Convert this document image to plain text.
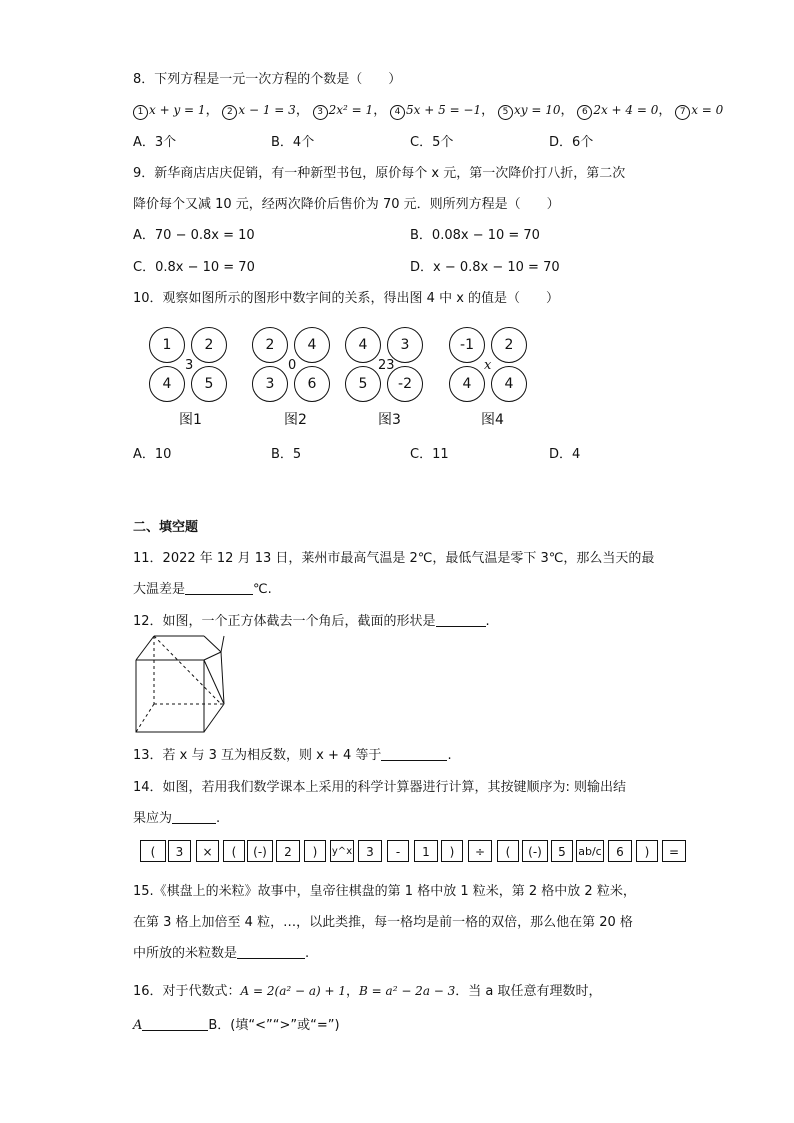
8．下列方程是一元一次方程的个数是（　　）
1 x + y = 1， 2 x − 1 = 3， 3 2x² = 1， 4 5x + 5 = −1， 5 xy = 10， 6 2x + 4 = 0， 7 x = 0
A．3个	B．4个	C．5个	D．6个
9．新华商店店庆促销，有一种新型书包，原价每个 x 元，第一次降价打八折，第二次
降价每个又减 10 元，经两次降价后售价为 70 元．则所列方程是（　　）
A．70 − 0.8x = 10	B．0.08x − 10 = 70
C．0.8x − 10 = 70	D．x − 0.8x − 10 = 70
10．观察如图所示的图形中数字间的关系，得出图 4 中 x 的值是（　　）
1	2
3
4	5
图1
2	4
0
3	6
图2
4	3
23
5	-2
图3
-1	2
x
4	4
图4
A．10	B．5	C．11	D．4
二、填空题
11．2022 年 12 月 13 日，莱州市最高气温是 2℃，最低气温是零下 3℃，那么当天的最
大温差是	℃.
12．如图，一个正方体截去一个角后，截面的形状是	.
13．若 x 与 3 互为相反数，则 x + 4 等于	.
14．如图，若用我们数学课本上采用的科学计算器进行计算，其按键顺序为: 则输出结
果应为	.
(	3	×	(	(-)	2	)	y^x	3	-	1	)	÷	(	(-)	5	ab/c	6	)	=
15.《棋盘上的米粒》故事中，皇帝往棋盘的第 1 格中放 1 粒米，第 2 格中放 2 粒米，
在第 3 格上加倍至 4 粒，…，以此类推，每一格均是前一格的双倍，那么他在第 20 格
中所放的米粒数是	.
16．对于代数式：A = 2(a² − a) + 1，B = a² − 2a − 3．当 a 取任意有理数时，
A	B．(填“<”“>”或“=”)
